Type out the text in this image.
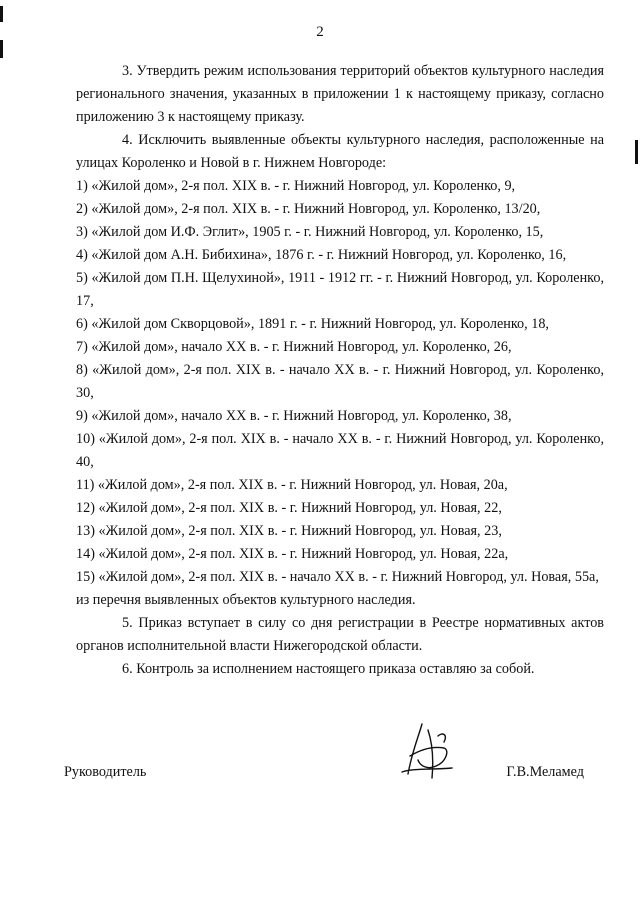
2

3. Утвердить режим использования территорий объектов культурного наследия регионального значения, указанных в приложении 1 к настоящему приказу, согласно приложению 3 к настоящему приказу.

4. Исключить выявленные объекты культурного наследия, расположенные на улицах Короленко и Новой в г. Нижнем Новгороде:

1) «Жилой дом», 2-я пол. XIX в. - г. Нижний Новгород, ул. Короленко, 9,

2) «Жилой дом», 2-я пол. XIX в. - г. Нижний Новгород, ул. Короленко, 13/20,

3) «Жилой дом И.Ф. Эглит», 1905 г. - г. Нижний Новгород, ул. Короленко, 15,

4) «Жилой дом А.Н. Бибихина», 1876 г. - г. Нижний Новгород, ул. Короленко, 16,

5) «Жилой дом П.Н. Щелухиной», 1911 - 1912 гг. - г. Нижний Новгород, ул. Короленко, 17,

6) «Жилой дом Скворцовой», 1891 г. - г. Нижний Новгород, ул. Короленко, 18,

7) «Жилой дом», начало XX в. - г. Нижний Новгород, ул. Короленко, 26,

8) «Жилой дом», 2-я пол. XIX в. - начало XX в. - г. Нижний Новгород, ул. Короленко, 30,

9) «Жилой дом», начало XX в. - г. Нижний Новгород, ул. Короленко, 38,

10) «Жилой дом», 2-я пол. XIX в. - начало XX в. - г. Нижний Новгород, ул. Короленко, 40,

11) «Жилой дом», 2-я пол. XIX в. - г. Нижний Новгород, ул. Новая, 20а,

12) «Жилой дом», 2-я пол. XIX в. - г. Нижний Новгород, ул. Новая, 22,

13) «Жилой дом», 2-я пол. XIX в. - г. Нижний Новгород, ул. Новая, 23,

14) «Жилой дом», 2-я пол. XIX в. - г. Нижний Новгород, ул. Новая, 22а,

15) «Жилой дом», 2-я пол. XIX в. - начало XX в. - г. Нижний Новгород, ул. Новая, 55а,

из перечня выявленных объектов культурного наследия.

5. Приказ вступает в силу со дня регистрации в Реестре нормативных актов органов исполнительной власти Нижегородской области.

6. Контроль за исполнением настоящего приказа оставляю за собой.

Руководитель	Г.В.Меламед
